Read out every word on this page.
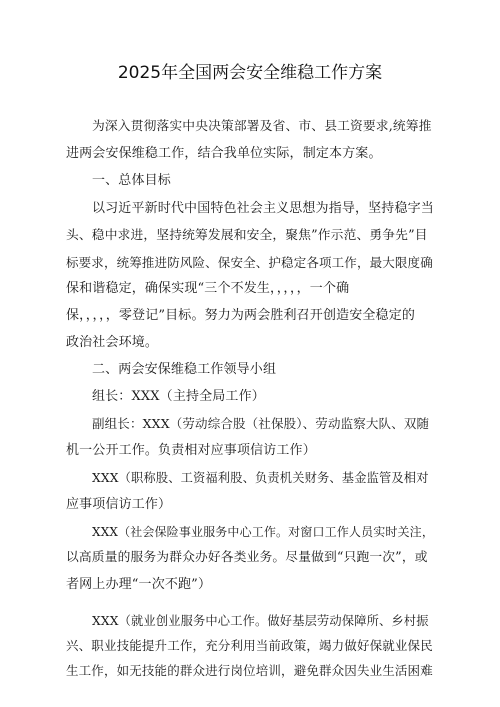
2025年全国两会安全维稳工作方案
为深入贯彻落实中央决策部署及省、市、县工资要求,统筹推
进两会安保维稳工作，结合我单位实际，制定本方案。
一、总体目标
以习近平新时代中国特色社会主义思想为指导，坚持稳字当
头、稳中求进，坚持统筹发展和安全，聚焦”作示范、勇争先”目
标要求，统筹推进防风险、保安全、护稳定各项工作，最大限度确
保和谐稳定，确保实现“三个不发生，，，，，一个确
保，，，，，零登记”目标。努力为两会胜利召开创造安全稳定的
政治社会环境。
二、两会安保维稳工作领导小组
组长：XXX（主持全局工作）
副组长：XXX（劳动综合股（社保股）、劳动监察大队、双随
机一公开工作。负责相对应事项信访工作）
XXX（职称股、工资福利股、负责机关财务、基金监管及相对
应事项信访工作）
XXX（社会保险事业服务中心工作。对窗口工作人员实时关注，
以高质量的服务为群众办好各类业务。尽量做到“只跑一次”，或
者网上办理“一次不跑”）
XXX（就业创业服务中心工作。做好基层劳动保障所、乡村振
兴、职业技能提升工作，充分利用当前政策，竭力做好保就业保民
生工作，如无技能的群众进行岗位培训，避免群众因失业生活困难
